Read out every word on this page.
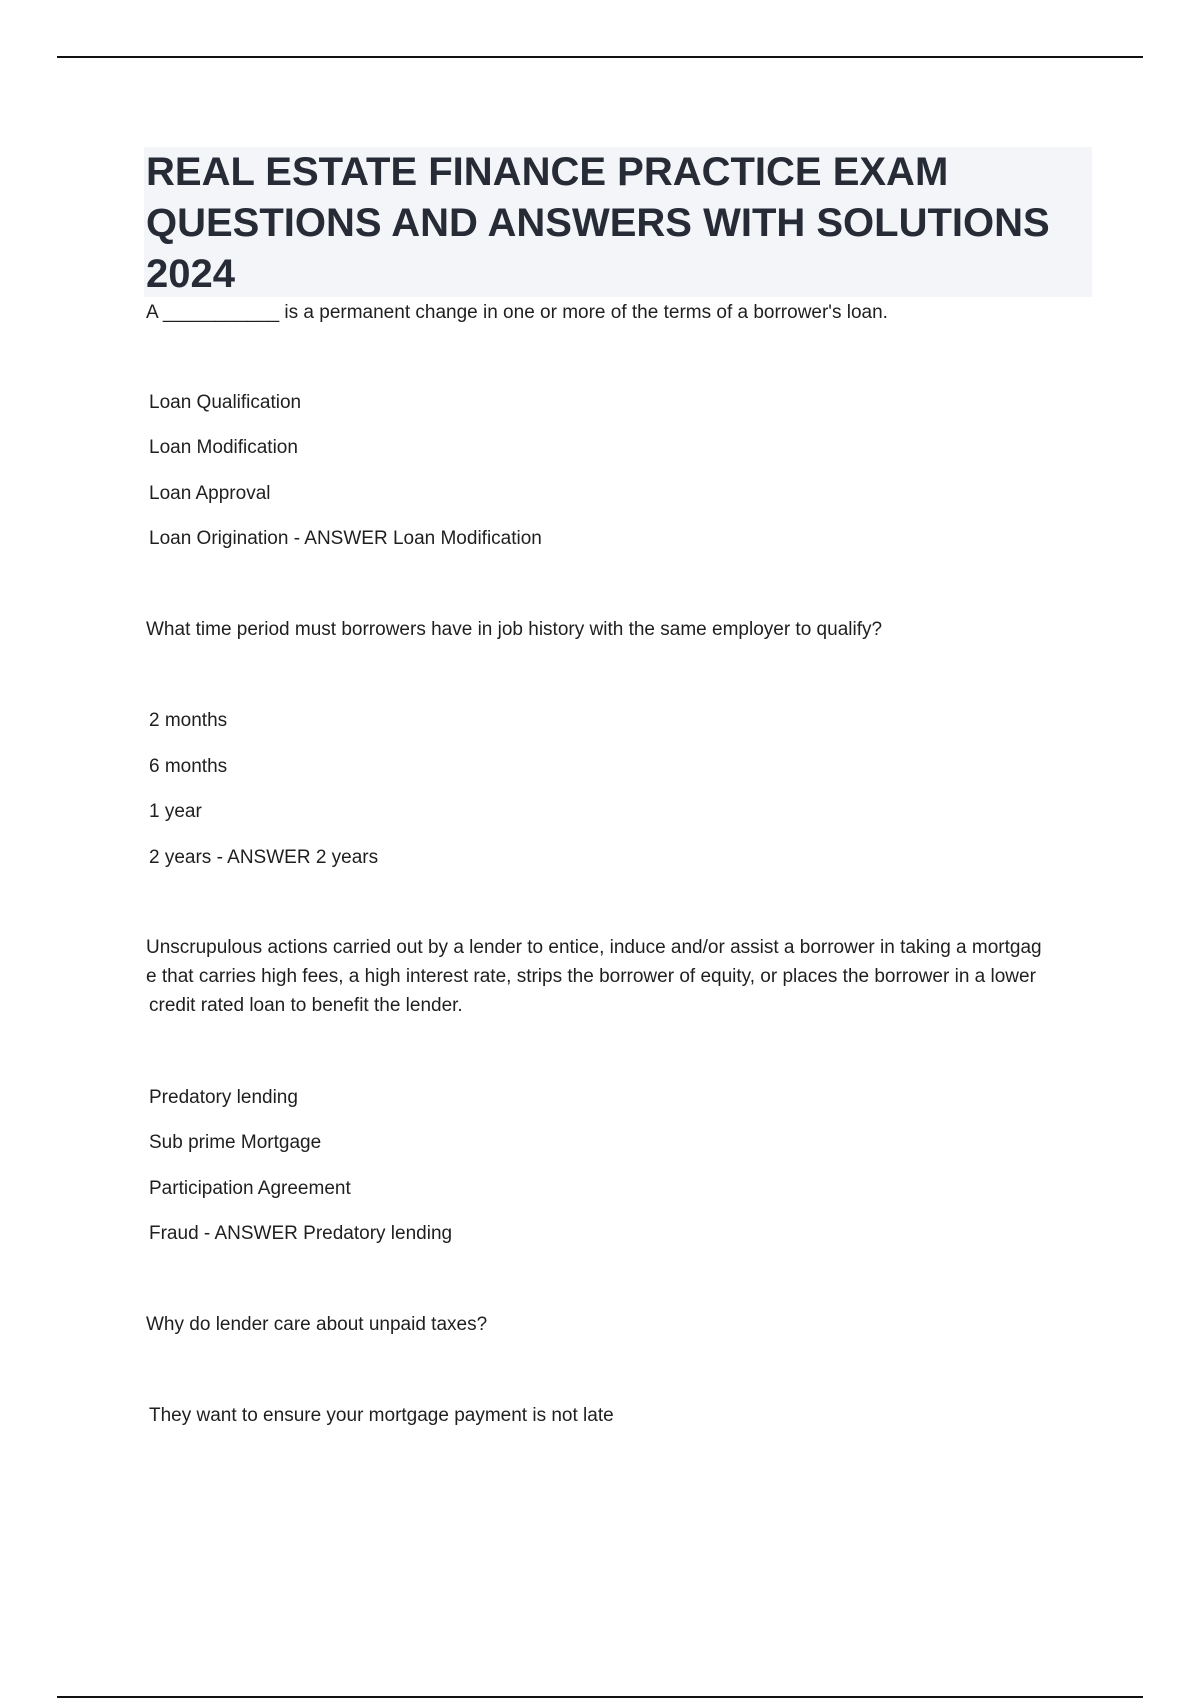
REAL ESTATE FINANCE PRACTICE EXAM QUESTIONS AND ANSWERS WITH SOLUTIONS 2024

A ___________ is a permanent change in one or more of the terms of a borrower's loan.

Loan Qualification

Loan Modification

Loan Approval

Loan Origination - ANSWER Loan Modification

What time period must borrowers have in job history with the same employer to qualify?

2 months

6 months

1 year

2 years - ANSWER 2 years

Unscrupulous actions carried out by a lender to entice, induce and/or assist a borrower in taking a mortgag

e that carries high fees, a high interest rate, strips the borrower of equity, or places the borrower in a lower

credit rated loan to benefit the lender.

Predatory lending

Sub prime Mortgage

Participation Agreement

Fraud - ANSWER Predatory lending

Why do lender care about unpaid taxes?

They want to ensure your mortgage payment is not late
